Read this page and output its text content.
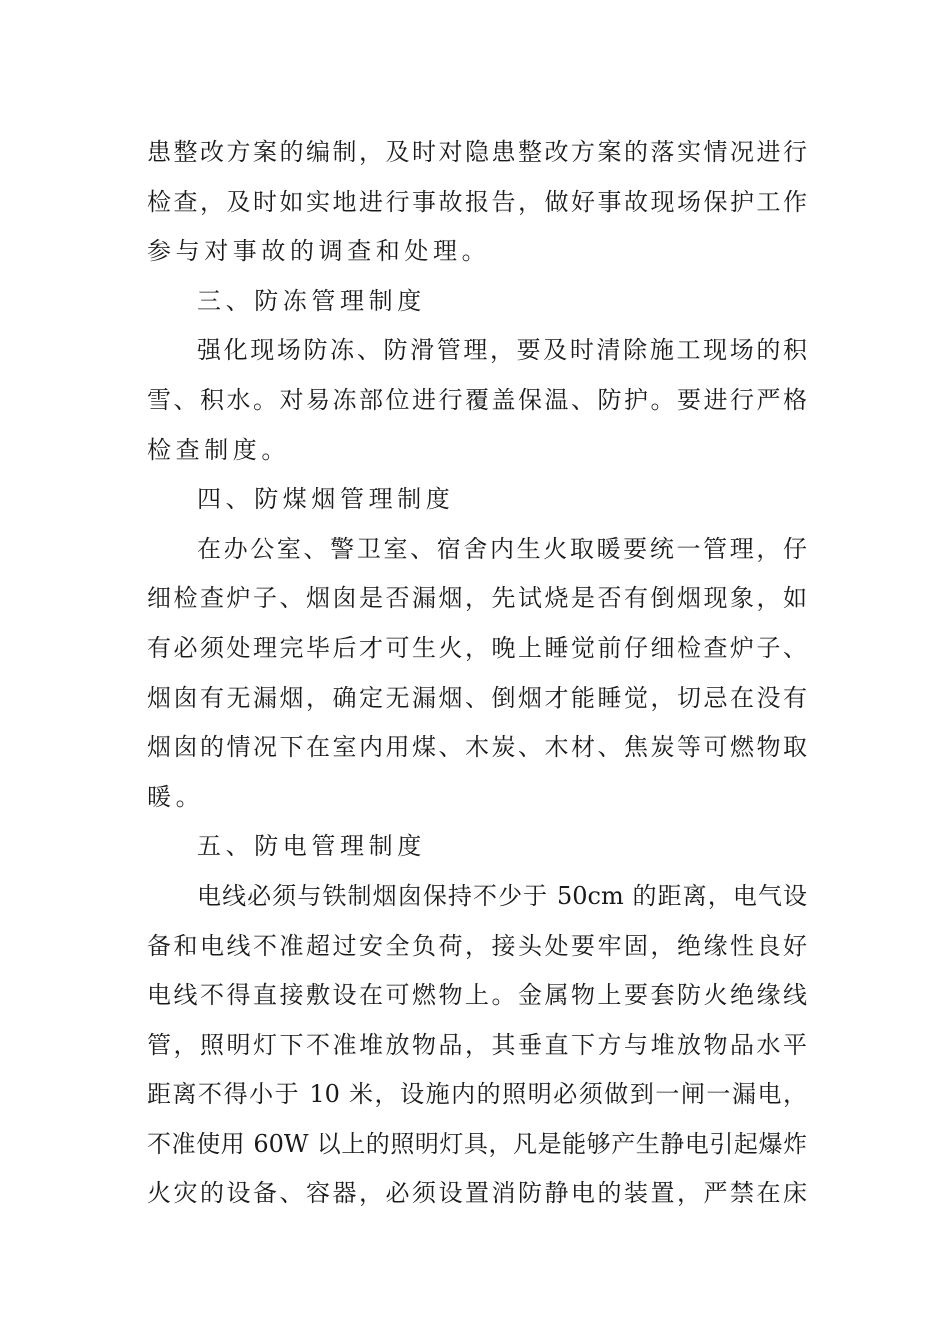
患整改方案的编制，及时对隐患整改方案的落实情况进行
检查，及时如实地进行事故报告，做好事故现场保护工作
参与对事故的调查和处理。
三、防冻管理制度
强化现场防冻、防滑管理，要及时清除施工现场的积
雪、积水。对易冻部位进行覆盖保温、防护。要进行严格
检查制度。
四、防煤烟管理制度
在办公室、警卫室、宿舍内生火取暖要统一管理，仔
细检查炉子、烟囱是否漏烟，先试烧是否有倒烟现象，如
有必须处理完毕后才可生火，晚上睡觉前仔细检查炉子、
烟囱有无漏烟，确定无漏烟、倒烟才能睡觉，切忌在没有
烟囱的情况下在室内用煤、木炭、木材、焦炭等可燃物取
暖。
五、防电管理制度
电线必须与铁制烟囱保持不少于 50cm 的距离，电气设
备和电线不准超过安全负荷，接头处要牢固，绝缘性良好
电线不得直接敷设在可燃物上。金属物上要套防火绝缘线
管，照明灯下不准堆放物品，其垂直下方与堆放物品水平
距离不得小于 10 米，设施内的照明必须做到一闸一漏电，
不准使用 60W 以上的照明灯具，凡是能够产生静电引起爆炸
火灾的设备、容器，必须设置消防静电的装置，严禁在床
